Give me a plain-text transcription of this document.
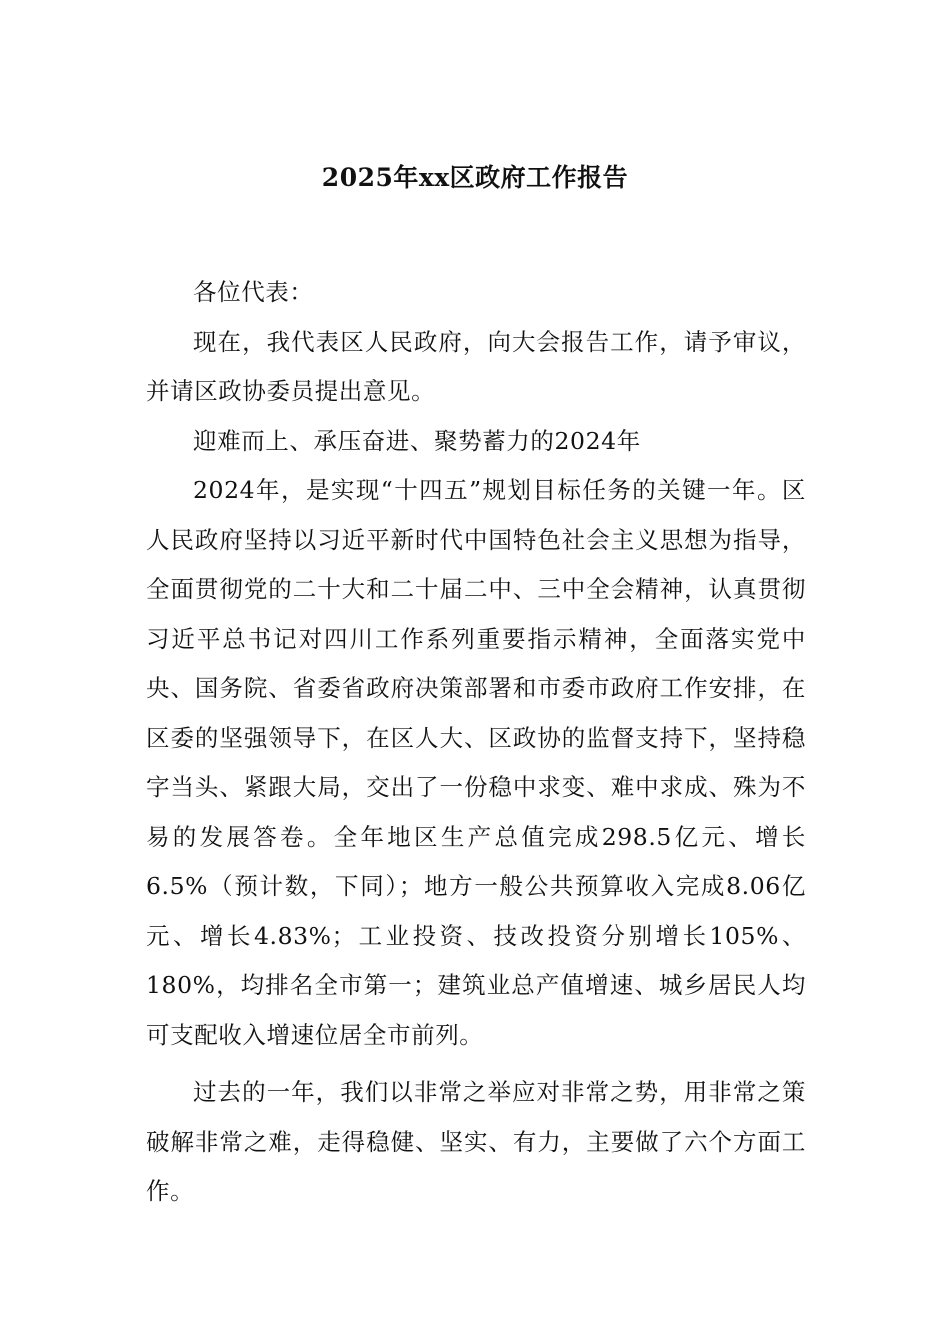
2025年xx区政府工作报告

各位代表：

现在，我代表区人民政府，向大会报告工作，请予审议，并请区政协委员提出意见。

迎难而上、承压奋进、聚势蓄力的2024年

2024年，是实现“十四五”规划目标任务的关键一年。区人民政府坚持以习近平新时代中国特色社会主义思想为指导，全面贯彻党的二十大和二十届二中、三中全会精神，认真贯彻习近平总书记对四川工作系列重要指示精神，全面落实党中央、国务院、省委省政府决策部署和市委市政府工作安排，在区委的坚强领导下，在区人大、区政协的监督支持下，坚持稳字当头、紧跟大局，交出了一份稳中求变、难中求成、殊为不易的发展答卷。全年地区生产总值完成298.5亿元、增长6.5%（预计数，下同）；地方一般公共预算收入完成8.06亿元、增长4.83%；工业投资、技改投资分别增长105%、180%，均排名全市第一；建筑业总产值增速、城乡居民人均可支配收入增速位居全市前列。

过去的一年，我们以非常之举应对非常之势，用非常之策破解非常之难，走得稳健、坚实、有力，主要做了六个方面工作。
